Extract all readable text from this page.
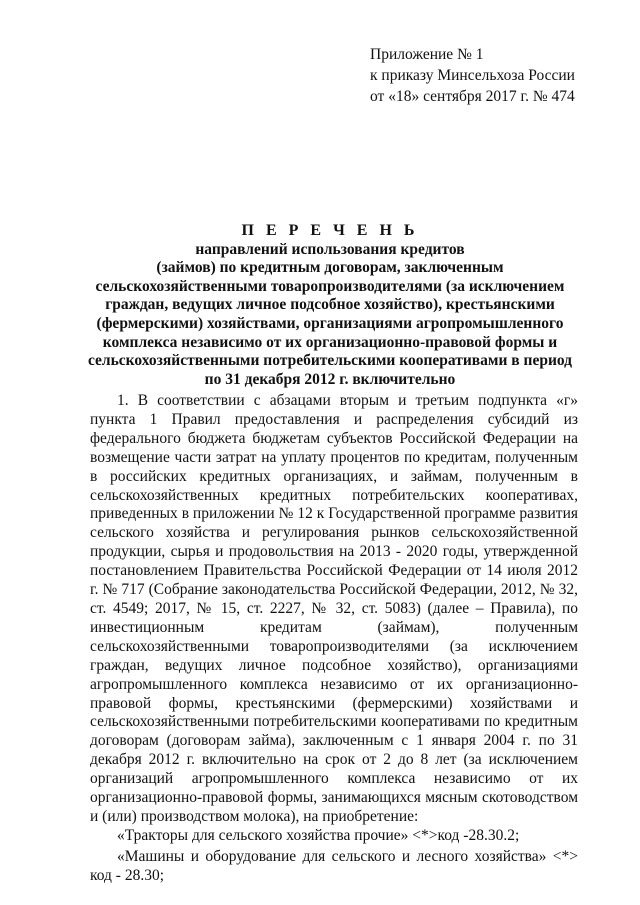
Приложение № 1
к приказу Минсельхоза России
от «18» сентября 2017 г. № 474
П Е Р Е Ч Е Н Ь
направлений использования кредитов
(займов) по кредитным договорам, заключенным
сельскохозяйственными товаропроизводителями (за исключением
граждан, ведущих личное подсобное хозяйство), крестьянскими
(фермерскими) хозяйствами, организациями агропромышленного
комплекса независимо от их организационно-правовой формы и
сельскохозяйственными потребительскими кооперативами в период
по 31 декабря 2012 г. включительно

1. В соответствии с абзацами вторым и третьим подпункта «г» пункта 1 Правил предоставления и распределения субсидий из федерального бюджета бюджетам субъектов Российской Федерации на возмещение части затрат на уплату процентов по кредитам, полученным в российских кредитных организациях, и займам, полученным в сельскохозяйственных кредитных потребительских кооперативах, приведенных в приложении № 12 к Государственной программе развития сельского хозяйства и регулирования рынков сельскохозяйственной продукции, сырья и продовольствия на 2013 - 2020 годы, утвержденной постановлением Правительства Российской Федерации от 14 июля 2012 г. № 717 (Собрание законодательства Российской Федерации, 2012, № 32, ст. 4549; 2017, № 15, ст. 2227, № 32, ст. 5083) (далее – Правила), по инвестиционным кредитам (займам), полученным сельскохозяйственными товаропроизводителями (за исключением граждан, ведущих личное подсобное хозяйство), организациями агропромышленного комплекса независимо от их организационно-правовой формы, крестьянскими (фермерскими) хозяйствами и сельскохозяйственными потребительскими кооперативами по кредитным договорам (договорам займа), заключенным с 1 января 2004 г. по 31 декабря 2012 г. включительно на срок от 2 до 8 лет (за исключением организаций агропромышленного комплекса независимо от их организационно-правовой формы, занимающихся мясным скотоводством и (или) производством молока), на приобретение:

«Тракторы для сельского хозяйства прочие» <*>код -28.30.2;

«Машины и оборудование для сельского и лесного хозяйства» <*> код - 28.30;
